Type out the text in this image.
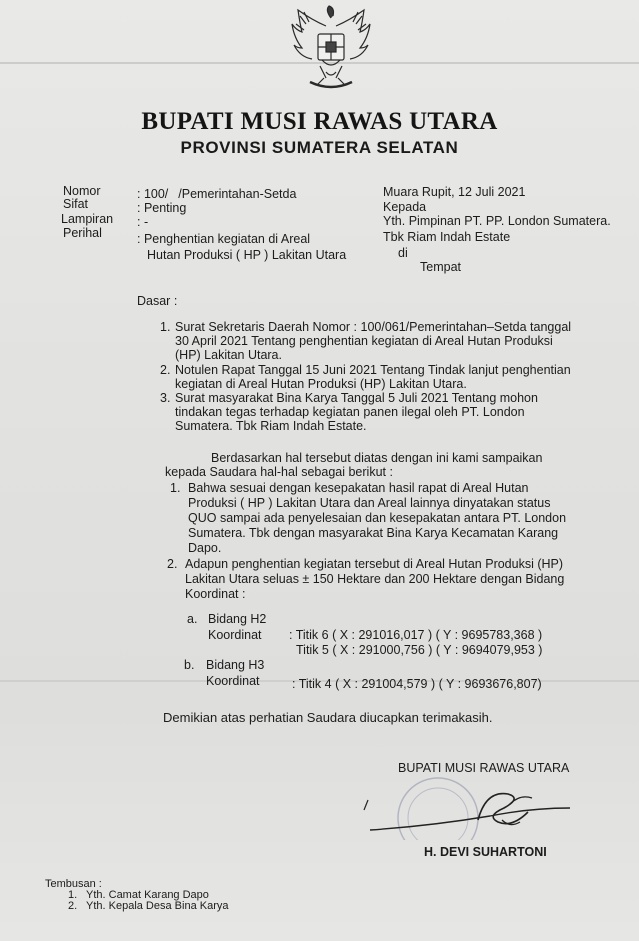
BUPATI MUSI RAWAS UTARA
PROVINSI SUMATERA SELATAN
Nomor	: 100/    /Pemerintahan-Setda
Sifat	: Penting
Lampiran : -
Perihal	: Penghentian kegiatan di Areal
Hutan Produksi ( HP ) Lakitan Utara
Muara Rupit, 12 Juli 2021
Kepada
Yth. Pimpinan PT. PP. London Sumatera.
Tbk Riam Indah Estate
di
Tempat
Dasar :
1. Surat Sekretaris Daerah Nomor : 100/061/Pemerintahan–Setda tanggal
30 April 2021 Tentang penghentian kegiatan di Areal Hutan Produksi
(HP) Lakitan Utara.
2. Notulen Rapat Tanggal 15 Juni 2021 Tentang Tindak lanjut penghentian
kegiatan di Areal Hutan Produksi (HP) Lakitan Utara.
3. Surat masyarakat Bina Karya Tanggal 5 Juli 2021 Tentang mohon
tindakan tegas terhadap kegiatan panen ilegal oleh PT. London
Sumatera. Tbk Riam Indah Estate.
Berdasarkan hal tersebut diatas dengan ini kami sampaikan
kepada Saudara hal-hal sebagai berikut :
1. Bahwa sesuai dengan kesepakatan hasil rapat di Areal Hutan
Produksi ( HP ) Lakitan Utara dan Areal lainnya dinyatakan status
QUO sampai ada penyelesaian dan kesepakatan antara PT. London
Sumatera. Tbk dengan masyarakat Bina Karya Kecamatan Karang
Dapo.
2. Adapun penghentian kegiatan tersebut di Areal Hutan Produksi (HP)
Lakitan Utara seluas ± 150 Hektare dan 200 Hektare dengan Bidang
Koordinat :
a. Bidang H2
Koordinat : Titik 6 ( X : 291016,017 ) ( Y : 9695783,368 )
Titik 5 ( X : 291000,756 ) ( Y : 9694079,953 )
b. Bidang H3
Koordinat	: Titik 4 ( X : 291004,579 ) ( Y : 9693676,807)
Demikian atas perhatian Saudara diucapkan terimakasih.
BUPATI MUSI RAWAS UTARA
H. DEVI SUHARTONI
Tembusan :
1. Yth. Camat Karang Dapo
2. Yth. Kepala Desa Bina Karya
